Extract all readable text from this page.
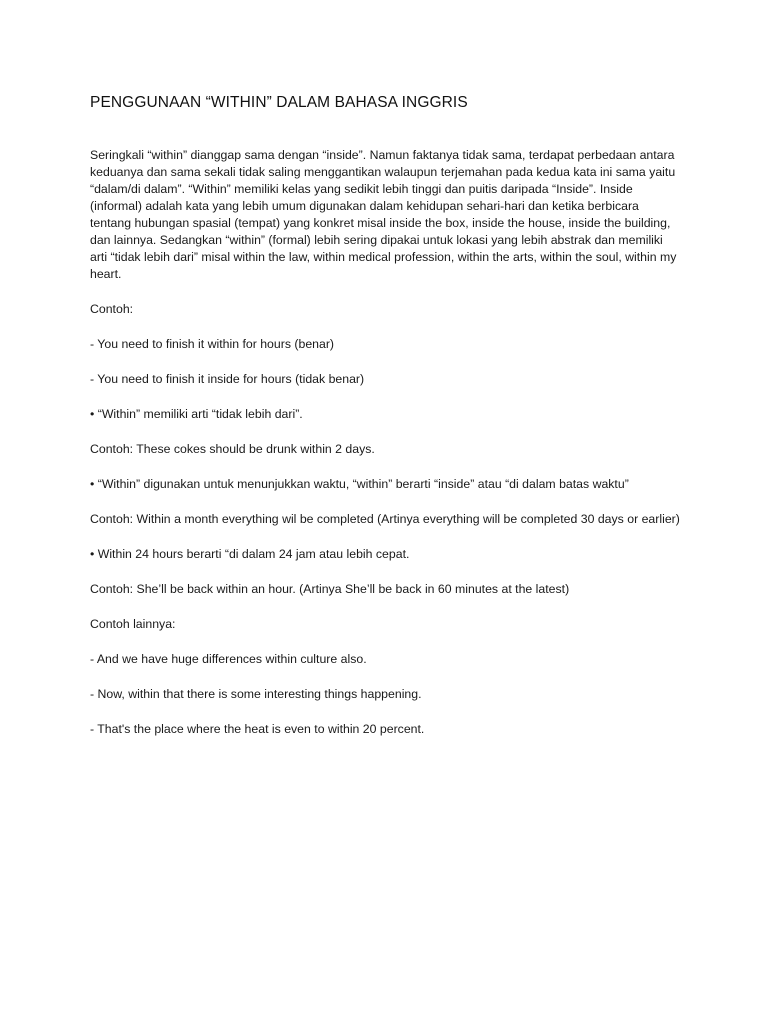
PENGGUNAAN “WITHIN” DALAM BAHASA INGGRIS

Seringkali “within” dianggap sama dengan “inside”. Namun faktanya tidak sama, terdapat perbedaan antara keduanya dan sama sekali tidak saling menggantikan walaupun terjemahan pada kedua kata ini sama yaitu “dalam/di dalam”. “Within” memiliki kelas yang sedikit lebih tinggi dan puitis daripada “Inside”. Inside (informal) adalah kata yang lebih umum digunakan dalam kehidupan sehari-hari dan ketika berbicara tentang hubungan spasial (tempat) yang konkret misal inside the box, inside the house, inside the building, dan lainnya. Sedangkan “within” (formal) lebih sering dipakai untuk lokasi yang lebih abstrak dan memiliki arti “tidak lebih dari” misal within the law, within medical profession, within the arts, within the soul, within my heart.

Contoh:

- You need to finish it within for hours (benar)

- You need to finish it inside for hours (tidak benar)

• “Within” memiliki arti “tidak lebih dari”.

Contoh: These cokes should be drunk within 2 days.

• “Within” digunakan untuk menunjukkan waktu, “within” berarti “inside” atau “di dalam batas waktu”

Contoh: Within a month everything wil be completed (Artinya everything will be completed 30 days or earlier)

• Within 24 hours berarti “di dalam 24 jam atau lebih cepat.

Contoh: She’ll be back within an hour. (Artinya She’ll be back in 60 minutes at the latest)

Contoh lainnya:

- And we have huge differences within culture also.

- Now, within that there is some interesting things happening.

- That's the place where the heat is even to within 20 percent.
